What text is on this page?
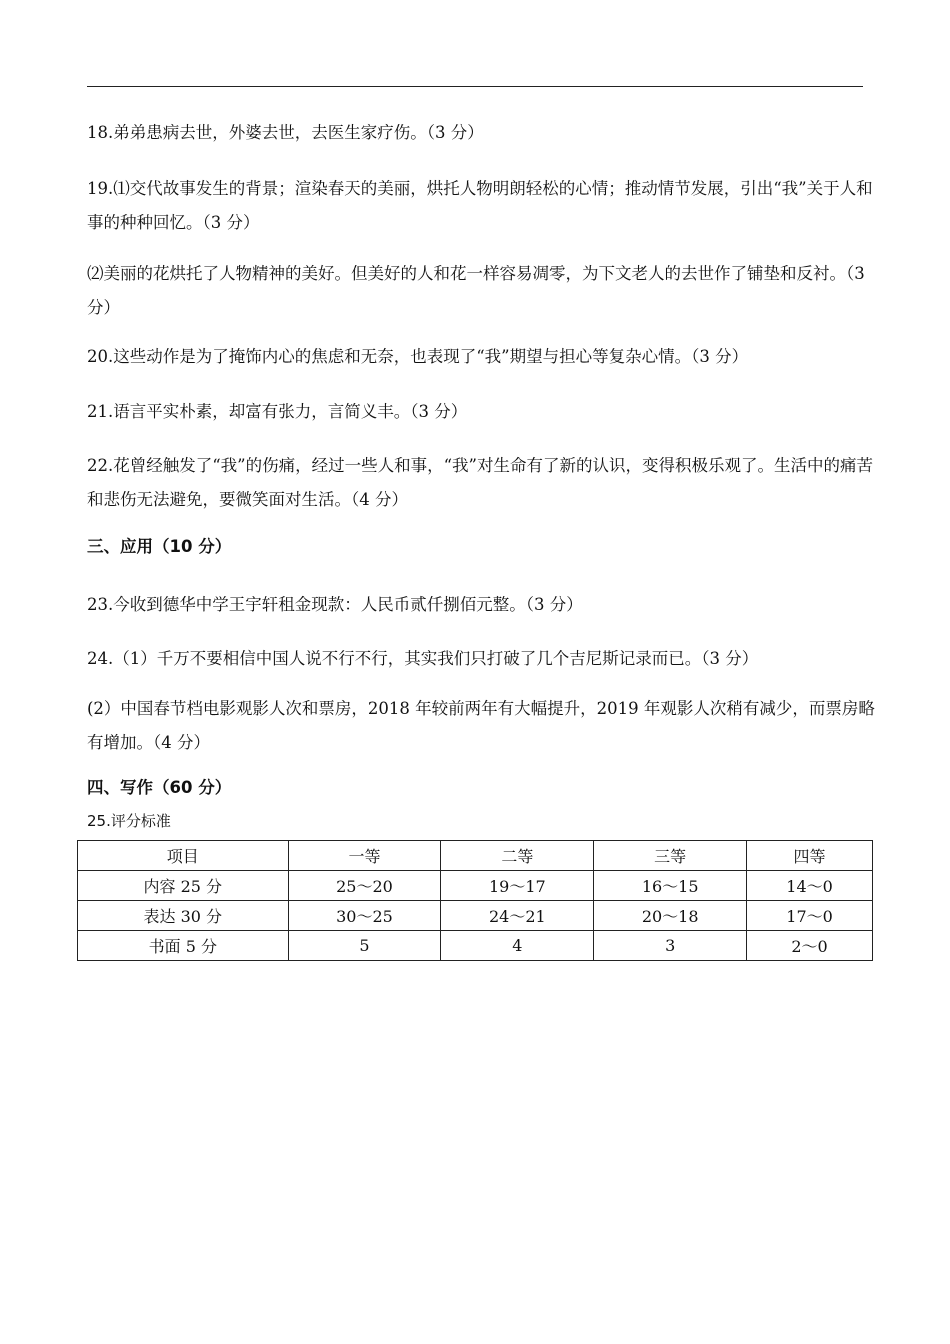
18.弟弟患病去世，外婆去世，去医生家疗伤。（3 分）

19.⑴交代故事发生的背景；渲染春天的美丽，烘托人物明朗轻松的心情；推动情节发展，引出“我”关于人和事的种种回忆。（3 分）

⑵美丽的花烘托了人物精神的美好。但美好的人和花一样容易凋零，为下文老人的去世作了铺垫和反衬。（3 分）

20.这些动作是为了掩饰内心的焦虑和无奈，也表现了“我”期望与担心等复杂心情。（3 分）

21.语言平实朴素，却富有张力，言简义丰。（3 分）

22.花曾经触发了“我”的伤痛，经过一些人和事，“我”对生命有了新的认识，变得积极乐观了。生活中的痛苦和悲伤无法避免，要微笑面对生活。（4 分）

三、应用（10 分）

23.今收到德华中学王宇轩租金现款：人民币贰仟捌佰元整。（3 分）

24.（1）千万不要相信中国人说不行不行，其实我们只打破了几个吉尼斯记录而已。（3 分）

(2）中国春节档电影观影人次和票房，2018 年较前两年有大幅提升，2019 年观影人次稍有减少，而票房略有增加。（4 分）

四、写作（60 分）
25.评分标准
项目	一等	二等	三等	四等
内容 25 分	25～20	19～17	16～15	14～0
表达 30 分	30～25	24～21	20～18	17～0
书面 5 分	5	4	3	2～0
